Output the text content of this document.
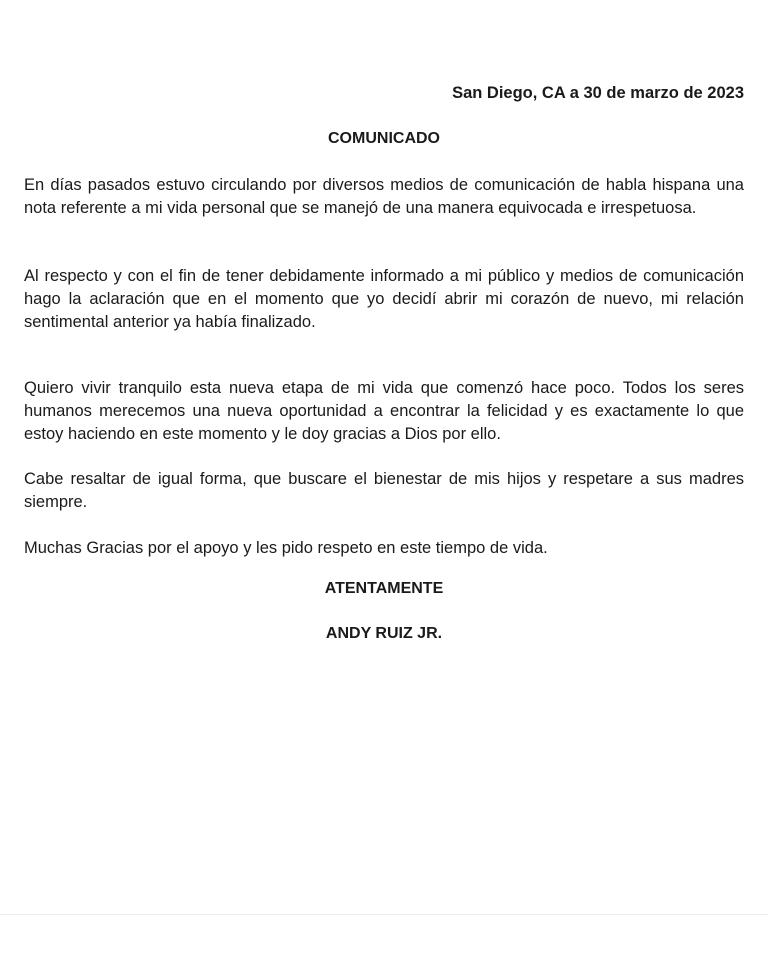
San Diego, CA a 30 de marzo de 2023
COMUNICADO

En días pasados estuvo circulando por diversos medios de comunicación de habla hispana una nota referente a mi vida personal que se manejó de una manera equivocada e irrespetuosa.

Al respecto y con el fin de tener debidamente informado a mi público y medios de comunicación hago la aclaración que en el momento que yo decidí abrir mi corazón de nuevo, mi relación sentimental anterior ya había finalizado.

Quiero vivir tranquilo esta nueva etapa de mi vida que comenzó hace poco. Todos los seres humanos merecemos una nueva oportunidad a encontrar la felicidad y es exactamente lo que estoy haciendo en este momento y le doy gracias a Dios por ello.

Cabe resaltar de igual forma, que buscare el bienestar de mis hijos y respetare a sus madres siempre.

Muchas Gracias por el apoyo y les pido respeto en este tiempo de vida.

ATENTAMENTE
ANDY RUIZ JR.
